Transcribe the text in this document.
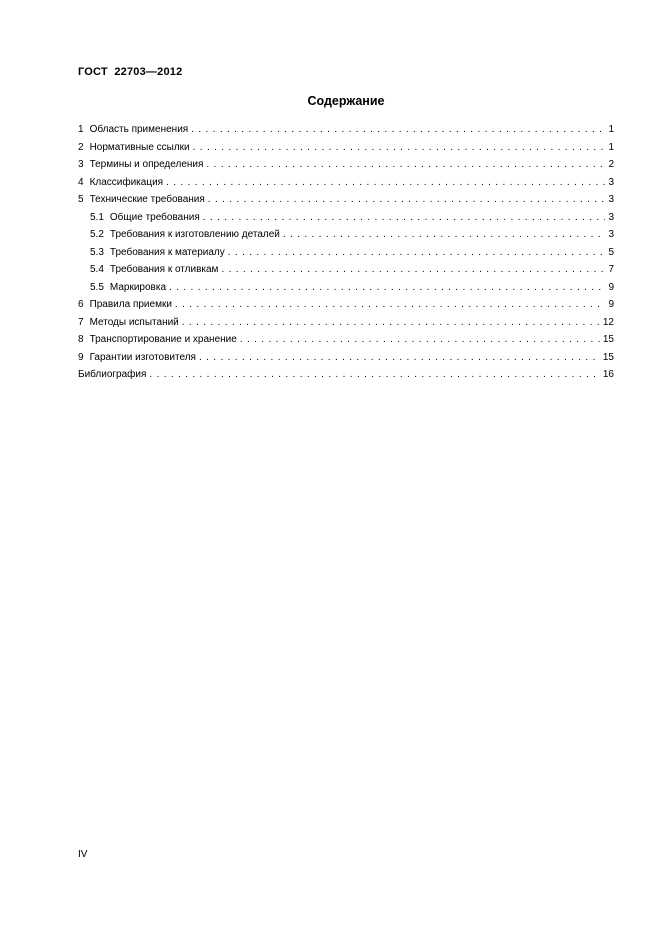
ГОСТ  22703—2012
Содержание
1 Область применения . . .	1
2 Нормативные ссылки . . .	1
3 Термины и определения . . .	2
4 Классификация . . .	3
5 Технические требования . . .	3
5.1 Общие требования . . .	3
5.2 Требования к изготовлению деталей . . .	3
5.3 Требования к материалу . . .	5
5.4 Требования к отливкам . . .	7
5.5 Маркировка . . .	9
6 Правила приемки . . .	9
7 Методы испытаний . . .	12
8 Транспортирование и хранение . . .	15
9 Гарантии изготовителя . . .	15
Библиография . . .	16
IV
